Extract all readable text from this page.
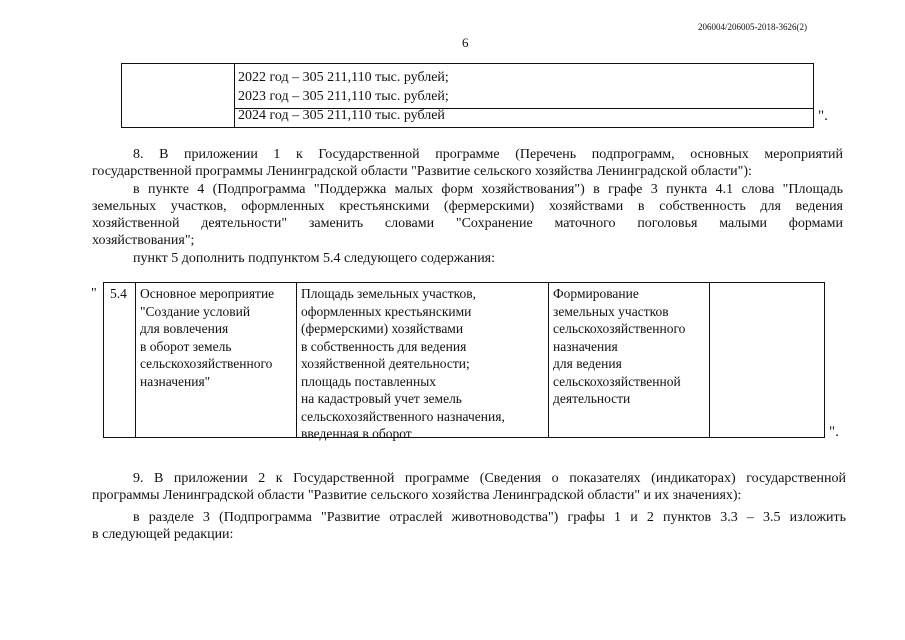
206004/206005-2018-3626(2)
6
2022 год – 305 211,110 тыс. рублей;
2023 год – 305 211,110 тыс. рублей;
2024 год – 305 211,110 тыс. рублей	".
8. В приложении 1 к Государственной программе (Перечень подпрограмм, основных мероприятий
государственной программы Ленинградской области "Развитие сельского хозяйства Ленинградской области"):
в пункте 4 (Подпрограмма "Поддержка малых форм хозяйствования") в графе 3 пункта 4.1 слова "Площадь
земельных участков, оформленных крестьянскими (фермерскими) хозяйствами в собственность для ведения
хозяйственной деятельности" заменить словами "Сохранение маточного поголовья малыми формами
хозяйствования";
пункт 5 дополнить подпунктом 5.4 следующего содержания:
" 5.4 Основное мероприятие
"Создание условий
для вовлечения
в оборот земель
сельскохозяйственного
назначения"
Площадь земельных участков,
оформленных крестьянскими
(фермерскими) хозяйствами
в собственность для ведения
хозяйственной деятельности;
площадь поставленных
на кадастровый учет земель
сельскохозяйственного назначения,
введенная в оборот
Формирование
земельных участков
сельскохозяйственного
назначения
для ведения
сельскохозяйственной
деятельности
".
9. В приложении 2 к Государственной программе (Сведения о показателях (индикаторах) государственной
программы Ленинградской области "Развитие сельского хозяйства Ленинградской области" и их значениях):
в разделе 3 (Подпрограмма "Развитие отраслей животноводства") графы 1 и 2 пунктов 3.3 – 3.5 изложить
в следующей редакции:
